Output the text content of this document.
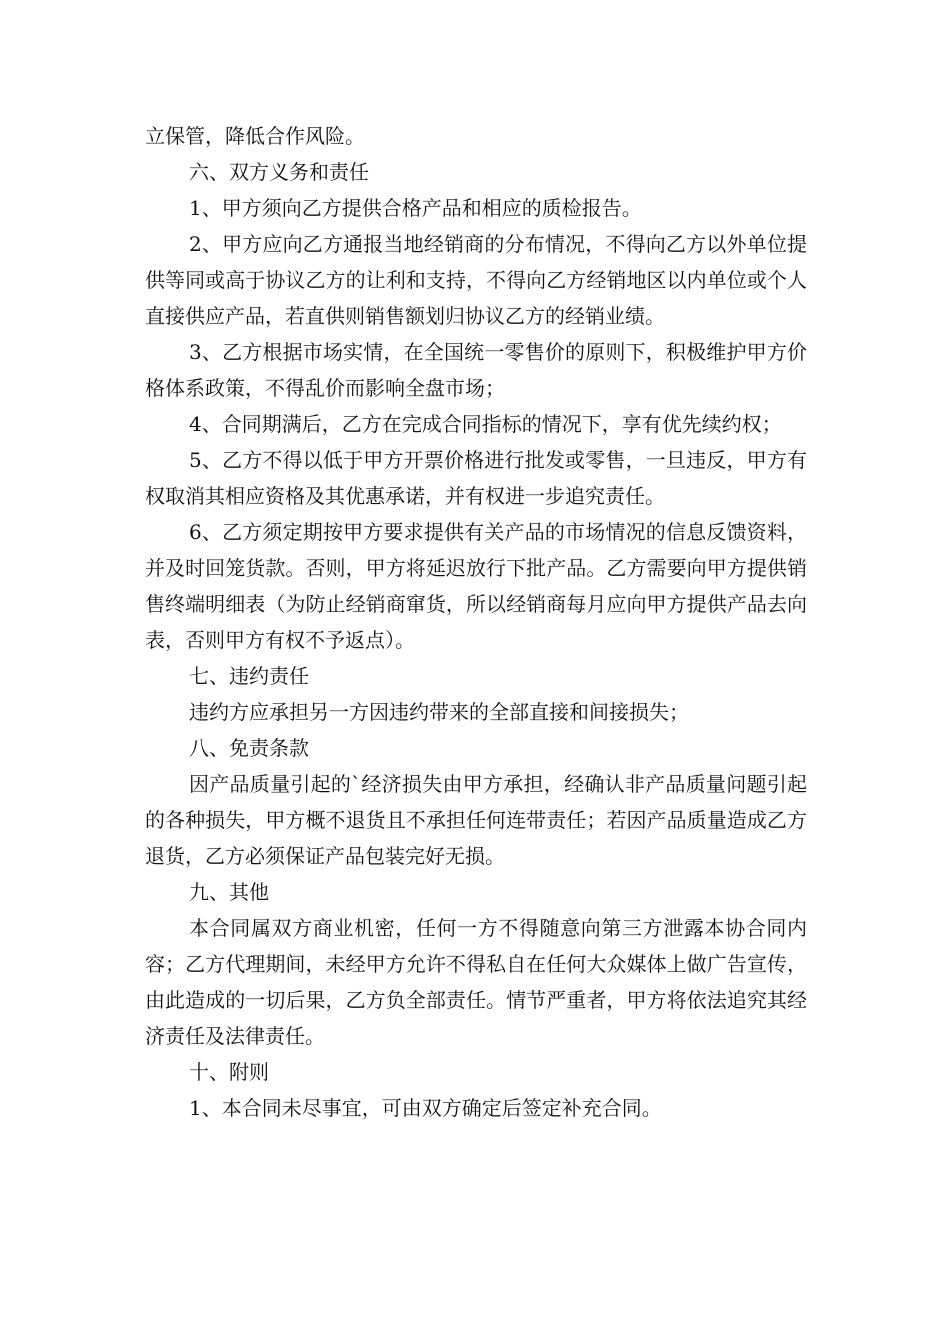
立保管，降低合作风险。

六、双方义务和责任

1、甲方须向乙方提供合格产品和相应的质检报告。

2、甲方应向乙方通报当地经销商的分布情况，不得向乙方以外单位提供等同或高于协议乙方的让利和支持，不得向乙方经销地区以内单位或个人直接供应产品，若直供则销售额划归协议乙方的经销业绩。

3、乙方根据市场实情，在全国统一零售价的原则下，积极维护甲方价格体系政策，不得乱价而影响全盘市场；

4、合同期满后，乙方在完成合同指标的情况下，享有优先续约权；

5、乙方不得以低于甲方开票价格进行批发或零售，一旦违反，甲方有权取消其相应资格及其优惠承诺，并有权进一步追究责任。

6、乙方须定期按甲方要求提供有关产品的市场情况的信息反馈资料，并及时回笼货款。否则，甲方将延迟放行下批产品。乙方需要向甲方提供销售终端明细表（为防止经销商窜货，所以经销商每月应向甲方提供产品去向表，否则甲方有权不予返点）。

七、违约责任

违约方应承担另一方因违约带来的全部直接和间接损失；

八、免责条款

因产品质量引起的`经济损失由甲方承担，经确认非产品质量问题引起的各种损失，甲方概不退货且不承担任何连带责任；若因产品质量造成乙方退货，乙方必须保证产品包装完好无损。

九、其他

本合同属双方商业机密，任何一方不得随意向第三方泄露本协合同内容；乙方代理期间，未经甲方允许不得私自在任何大众媒体上做广告宣传，由此造成的一切后果，乙方负全部责任。情节严重者，甲方将依法追究其经济责任及法律责任。

十、附则

1、本合同未尽事宜，可由双方确定后签定补充合同。
